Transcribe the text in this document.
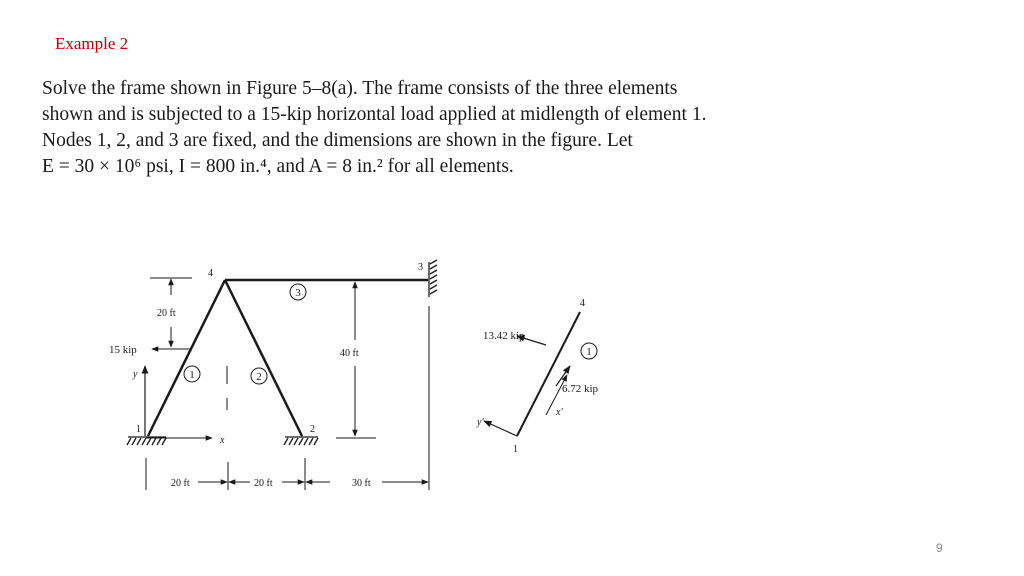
Example 2

Solve the frame shown in Figure 5–8(a). The frame consists of the three elements

shown and is subjected to a 15-kip horizontal load applied at midlength of element 1.

Nodes 1, 2, and 3 are fixed, and the dimensions are shown in the figure. Let

E = 30 × 10⁶ psi, I = 800 in.⁴, and A = 8 in.² for all elements.

4
1	2
3
1	2
3
20 ft
15 kip
y
x
40 ft
20 ft	20 ft	30 ft
1
4
1
13.42 kip
6.72 kip
x′
y′
9
